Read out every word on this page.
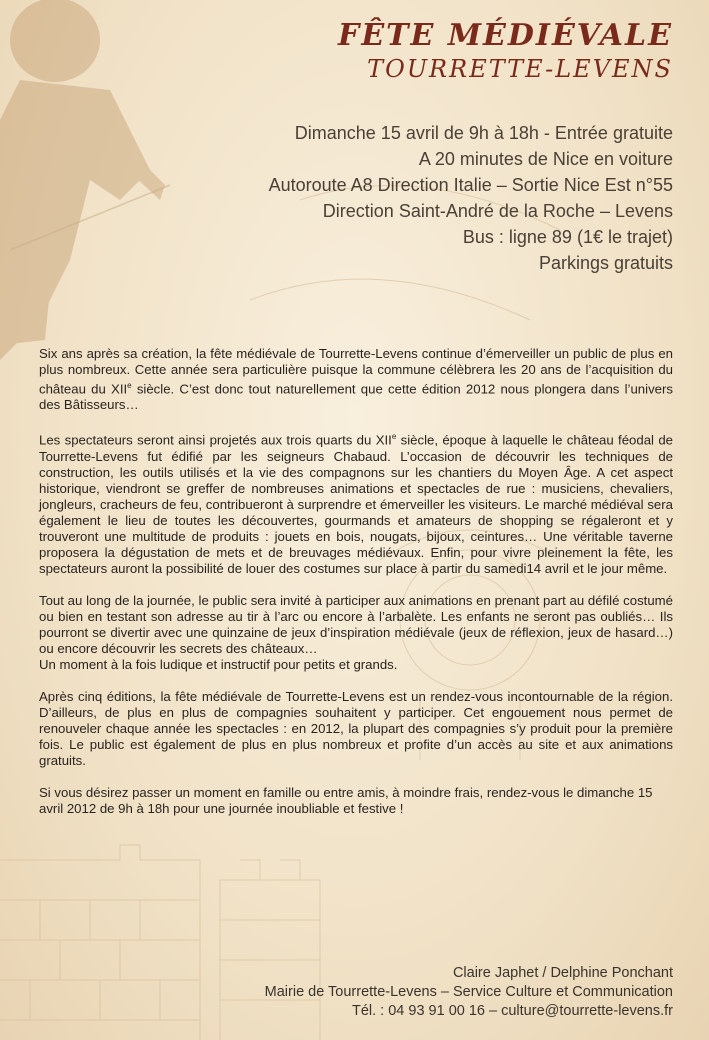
FÊTE MÉDIÉVALE
TOURRETTE-LEVENS
Dimanche 15 avril de 9h à 18h - Entrée gratuite
A 20 minutes de Nice en voiture
Autoroute A8 Direction Italie – Sortie Nice Est n°55
Direction Saint-André de la Roche – Levens
Bus : ligne 89 (1€ le trajet)
Parkings gratuits

Six ans après sa création, la fête médiévale de Tourrette-Levens continue d’émerveiller un public de plus en plus nombreux. Cette année sera particulière puisque la commune célèbrera les 20 ans de l’acquisition du château du XIIe siècle. C’est donc tout naturellement que cette édition 2012 nous plongera dans l’univers des Bâtisseurs…

Les spectateurs seront ainsi projetés aux trois quarts du XIIe siècle, époque à laquelle le château féodal de Tourrette-Levens fut édifié par les seigneurs Chabaud. L’occasion de découvrir les techniques de construction, les outils utilisés et la vie des compagnons sur les chantiers du Moyen Âge. A cet aspect historique, viendront se greffer de nombreuses animations et spectacles de rue : musiciens, chevaliers, jongleurs, cracheurs de feu, contribueront à surprendre et émerveiller les visiteurs. Le marché médiéval sera également le lieu de toutes les découvertes, gourmands et amateurs de shopping se régaleront et y trouveront une multitude de produits : jouets en bois, nougats, bijoux, ceintures… Une véritable taverne proposera la dégustation de mets et de breuvages médiévaux. Enfin, pour vivre pleinement la fête, les spectateurs auront la possibilité de louer des costumes sur place à partir du samedi14 avril et le jour même.

Tout au long de la journée, le public sera invité à participer aux animations en prenant part au défilé costumé ou bien en testant son adresse au tir à l’arc ou encore à l’arbalète. Les enfants ne seront pas oubliés… Ils pourront se divertir avec une quinzaine de jeux d’inspiration médiévale (jeux de réflexion, jeux de hasard…) ou encore découvrir les secrets des châteaux…
Un moment à la fois ludique et instructif pour petits et grands.

Après cinq éditions, la fête médiévale de Tourrette-Levens est un rendez-vous incontournable de la région. D’ailleurs, de plus en plus de compagnies souhaitent y participer. Cet engouement nous permet de renouveler chaque année les spectacles : en 2012, la plupart des compagnies s’y produit pour la première fois. Le public est également de plus en plus nombreux et profite d’un accès au site et aux animations gratuits.

Si vous désirez passer un moment en famille ou entre amis, à moindre frais, rendez-vous le dimanche 15 avril 2012 de 9h à 18h pour une journée inoubliable et festive !

Claire Japhet / Delphine Ponchant
Mairie de Tourrette-Levens – Service Culture et Communication
Tél. : 04 93 91 00 16 – culture@tourrette-levens.fr
